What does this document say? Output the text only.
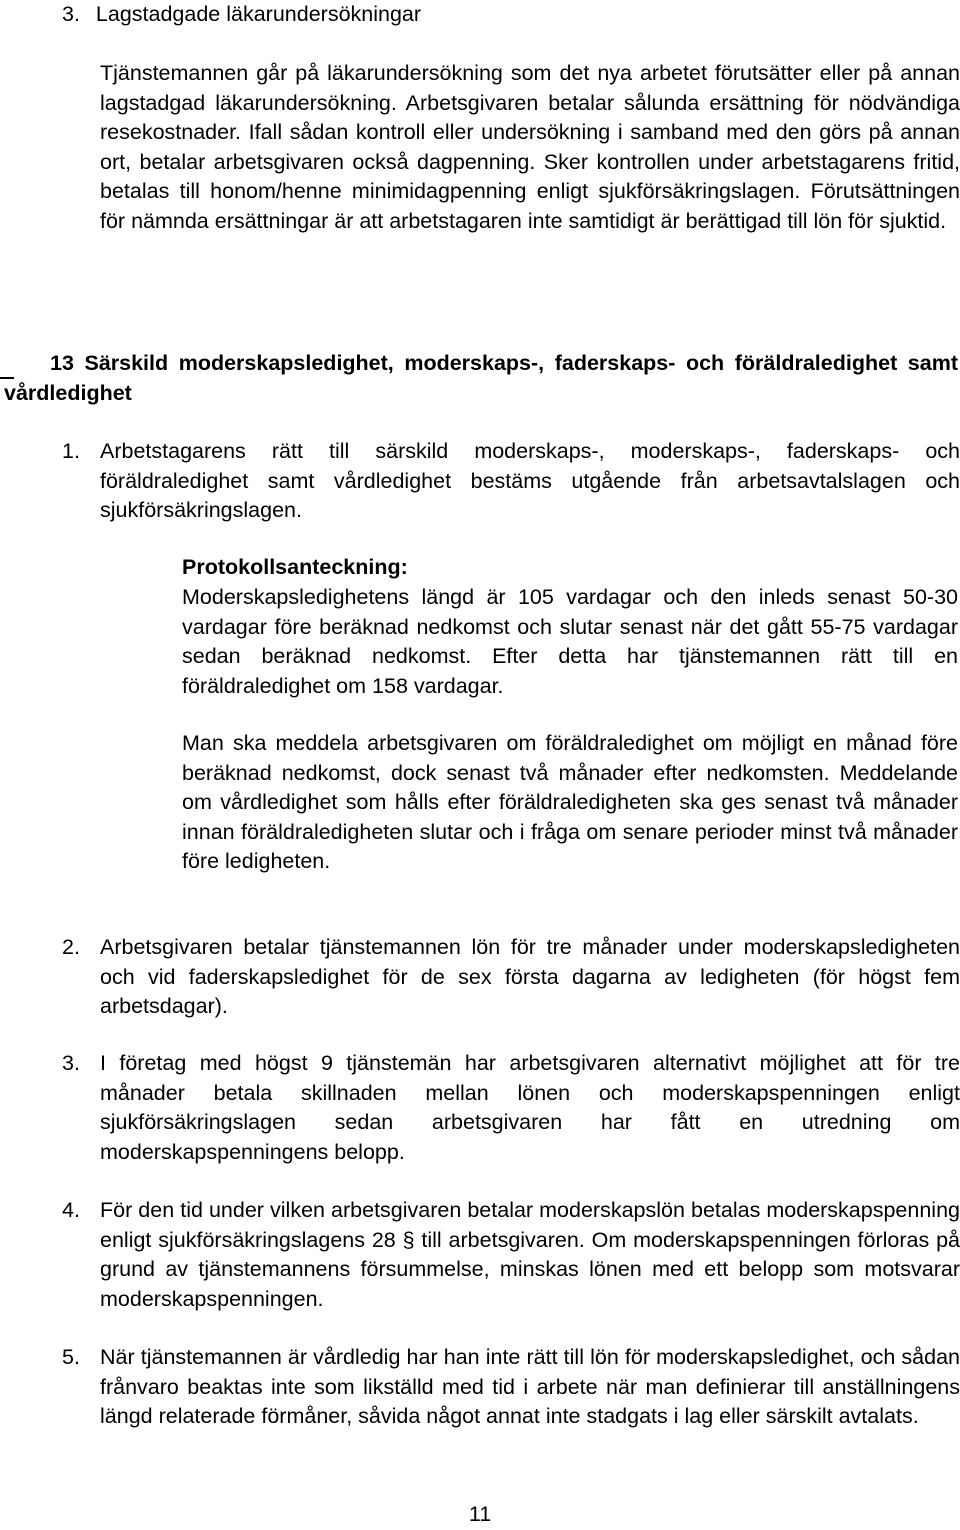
3. Lagstadgade läkarundersökningar
Tjänstemannen går på läkarundersökning som det nya arbetet förutsätter eller på annan lagstadgad läkarundersökning. Arbetsgivaren betalar sålunda ersättning för nödvändiga resekostnader. Ifall sådan kontroll eller undersökning i samband med den görs på annan ort, betalar arbetsgivaren också dagpenning. Sker kontrollen under arbetstagarens fritid, betalas till honom/henne minimidagpenning enligt sjukförsäkringslagen. Förutsättningen för nämnda ersättningar är att arbetstagaren inte samtidigt är berättigad till lön för sjuktid.
13 Särskild moderskapsledighet, moderskaps-, faderskaps- och föräldraledighet samt vårdledighet
1. Arbetstagarens rätt till särskild moderskaps-, moderskaps-, faderskaps- och föräldraledighet samt vårdledighet bestäms utgående från arbetsavtalslagen och sjukförsäkringslagen.
Protokollsanteckning:
Moderskapsledighetens längd är 105 vardagar och den inleds senast 50-30 vardagar före beräknad nedkomst och slutar senast när det gått 55-75 vardagar sedan beräknad nedkomst. Efter detta har tjänstemannen rätt till en föräldraledighet om 158 vardagar.
Man ska meddela arbetsgivaren om föräldraledighet om möjligt en månad före beräknad nedkomst, dock senast två månader efter nedkomsten. Meddelande om vårdledighet som hålls efter föräldraledigheten ska ges senast två månader innan föräldraledigheten slutar och i fråga om senare perioder minst två månader före ledigheten.
2. Arbetsgivaren betalar tjänstemannen lön för tre månader under moderskapsledigheten och vid faderskapsledighet för de sex första dagarna av ledigheten (för högst fem arbetsdagar).
3. I företag med högst 9 tjänstemän har arbetsgivaren alternativt möjlighet att för tre månader betala skillnaden mellan lönen och moderskapspenningen enligt sjukförsäkringslagen sedan arbetsgivaren har fått en utredning om moderskapspenningens belopp.
4. För den tid under vilken arbetsgivaren betalar moderskapslön betalas moderskapspenning enligt sjukförsäkringslagens 28 § till arbetsgivaren. Om moderskapspenningen förloras på grund av tjänstemannens försummelse, minskas lönen med ett belopp som motsvarar moderskapspenningen.
5. När tjänstemannen är vårdledig har han inte rätt till lön för moderskapsledighet, och sådan frånvaro beaktas inte som likställd med tid i arbete när man definierar till anställningens längd relaterade förmåner, såvida något annat inte stadgats i lag eller särskilt avtalats.
11
